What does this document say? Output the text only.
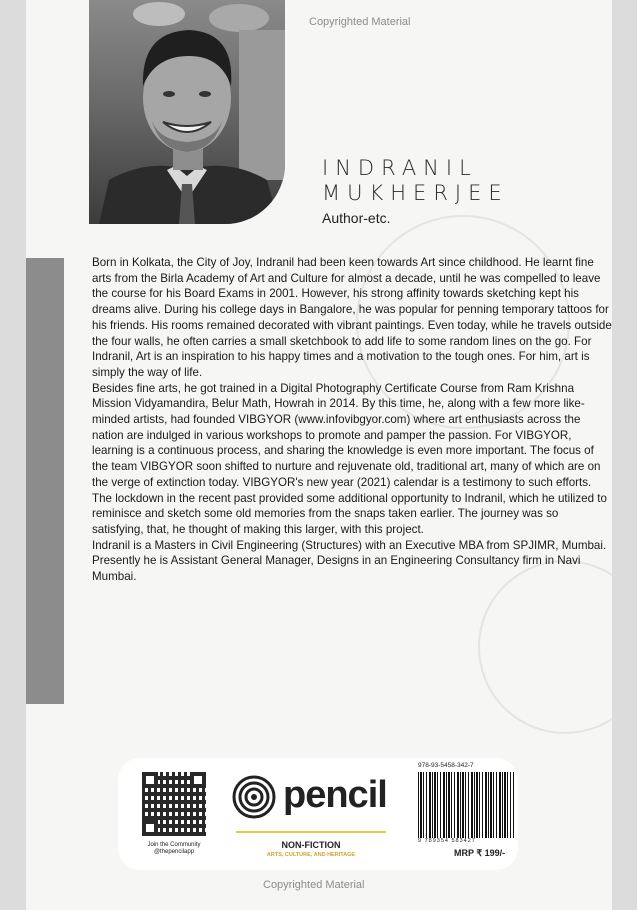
Copyrighted Material
INDRANIL
MUKHERJEE
Author-etc.

Born in Kolkata, the City of Joy, Indranil had been keen towards Art since childhood. He learnt fine arts from the Birla Academy of Art and Culture for almost a decade, until he was compelled to leave the course for his Board Exams in 2001. However, his strong affinity towards sketching kept his dreams alive. During his college days in Bangalore, he was popular for penning temporary tattoos for his friends. His rooms remained decorated with vibrant paintings. Even today, while he travels outside the four walls, he often carries a small sketchbook to add life to some random lines on the go. For Indranil, Art is an inspiration to his happy times and a motivation to the tough ones. For him, art is simply the way of life.

Besides fine arts, he got trained in a Digital Photography Certificate Course from Ram Krishna Mission Vidyamandira, Belur Math, Howrah in 2014. By this time, he, along with a few more like-minded artists, had founded VIBGYOR (www.infovibgyor.com) where art enthusiasts across the nation are indulged in various workshops to promote and pamper the passion. For VIBGYOR, learning is a continuous process, and sharing the knowledge is even more important. The focus of the team VIBGYOR soon shifted to nurture and rejuvenate old, traditional art, many of which are on the verge of extinction today. VIBGYOR's new year (2021) calendar is a testimony to such efforts. The lockdown in the recent past provided some additional opportunity to Indranil, which he utilized to reminisce and sketch some old memories from the snaps taken earlier. The journey was so satisfying, that, he thought of making this larger, with this project.

Indranil is a Masters in Civil Engineering (Structures) with an Executive MBA from SPJIMR, Mumbai. Presently he is Assistant General Manager, Designs in an Engineering Consultancy firm in Navi Mumbai.

Join the Community
@thepencilapp
pencil
NON-FICTION
ARTS, CULTURE, AND HERITAGE
978-93-5458-342-7
9 789354 583427
MRP ₹ 199/-
Copyrighted Material
